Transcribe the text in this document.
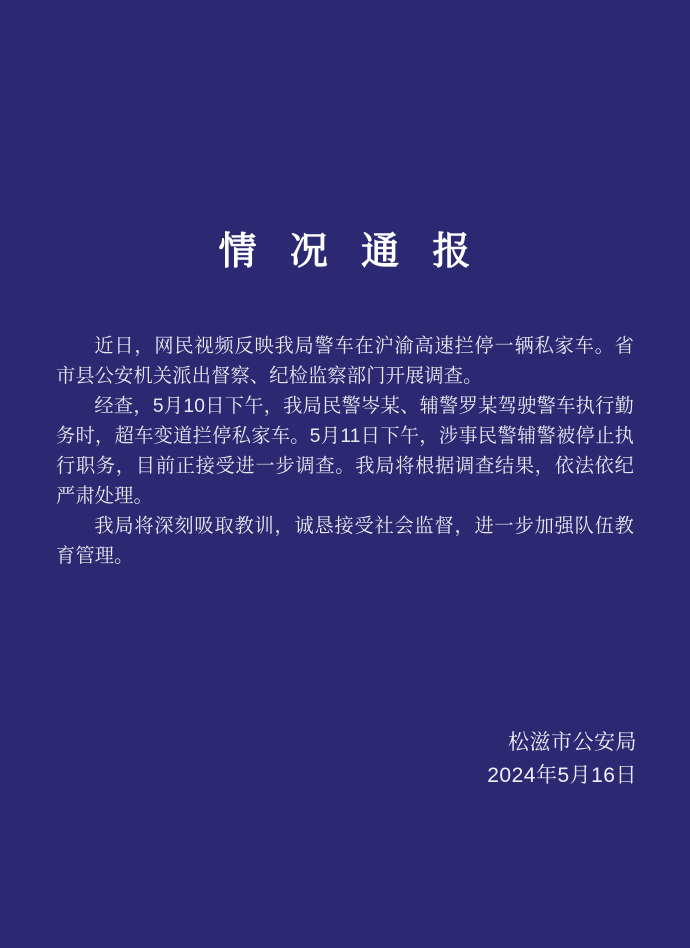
情 况 通 报

近日，网民视频反映我局警车在沪渝高速拦停一辆私家车。省市县公安机关派出督察、纪检监察部门开展调查。

经查，5月10日下午，我局民警岑某、辅警罗某驾驶警车执行勤务时，超车变道拦停私家车。5月11日下午，涉事民警辅警被停止执行职务，目前正接受进一步调查。我局将根据调查结果，依法依纪严肃处理。

我局将深刻吸取教训，诚恳接受社会监督，进一步加强队伍教育管理。

松滋市公安局
2024年5月16日
